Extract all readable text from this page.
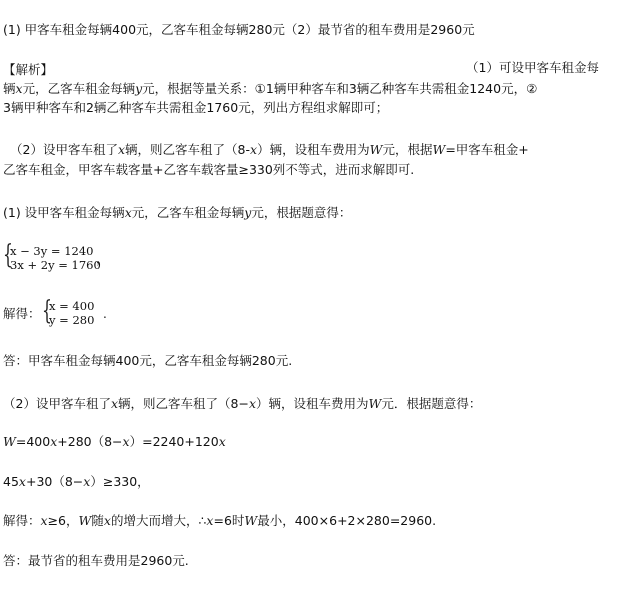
(1) 甲客车租金每辆400元，乙客车租金每辆280元（2）最节省的租车费用是2960元
【解析】	（1）可设甲客车租金每
辆x元，乙客车租金每辆y元，根据等量关系：①1辆甲种客车和3辆乙种客车共需租金1240元，②
3辆甲种客车和2辆乙种客车共需租金1760元，列出方程组求解即可；
（2）设甲客车租了x辆，则乙客车租了（8-x）辆，设租车费用为W元，根据W=甲客车租金+
乙客车租金，甲客车载客量+乙客车载客量≥330列不等式，进而求解即可.
(1) 设甲客车租金每辆x元，乙客车租金每辆y元，根据题意得：
{
x − 3y = 1240
3x + 2y = 1760
，
解得： {
x = 400
y = 280 .
答：甲客车租金每辆400元，乙客车租金每辆280元.
（2）设甲客车租了x辆，则乙客车租了（8−x）辆，设租车费用为W元．根据题意得：
W=400x+280（8−x）=2240+120x
45x+30（8−x）≥330，
解得：x≥6，W随x的增大而增大，∴x=6时W最小，400×6+2×280=2960.
答：最节省的租车费用是2960元.
